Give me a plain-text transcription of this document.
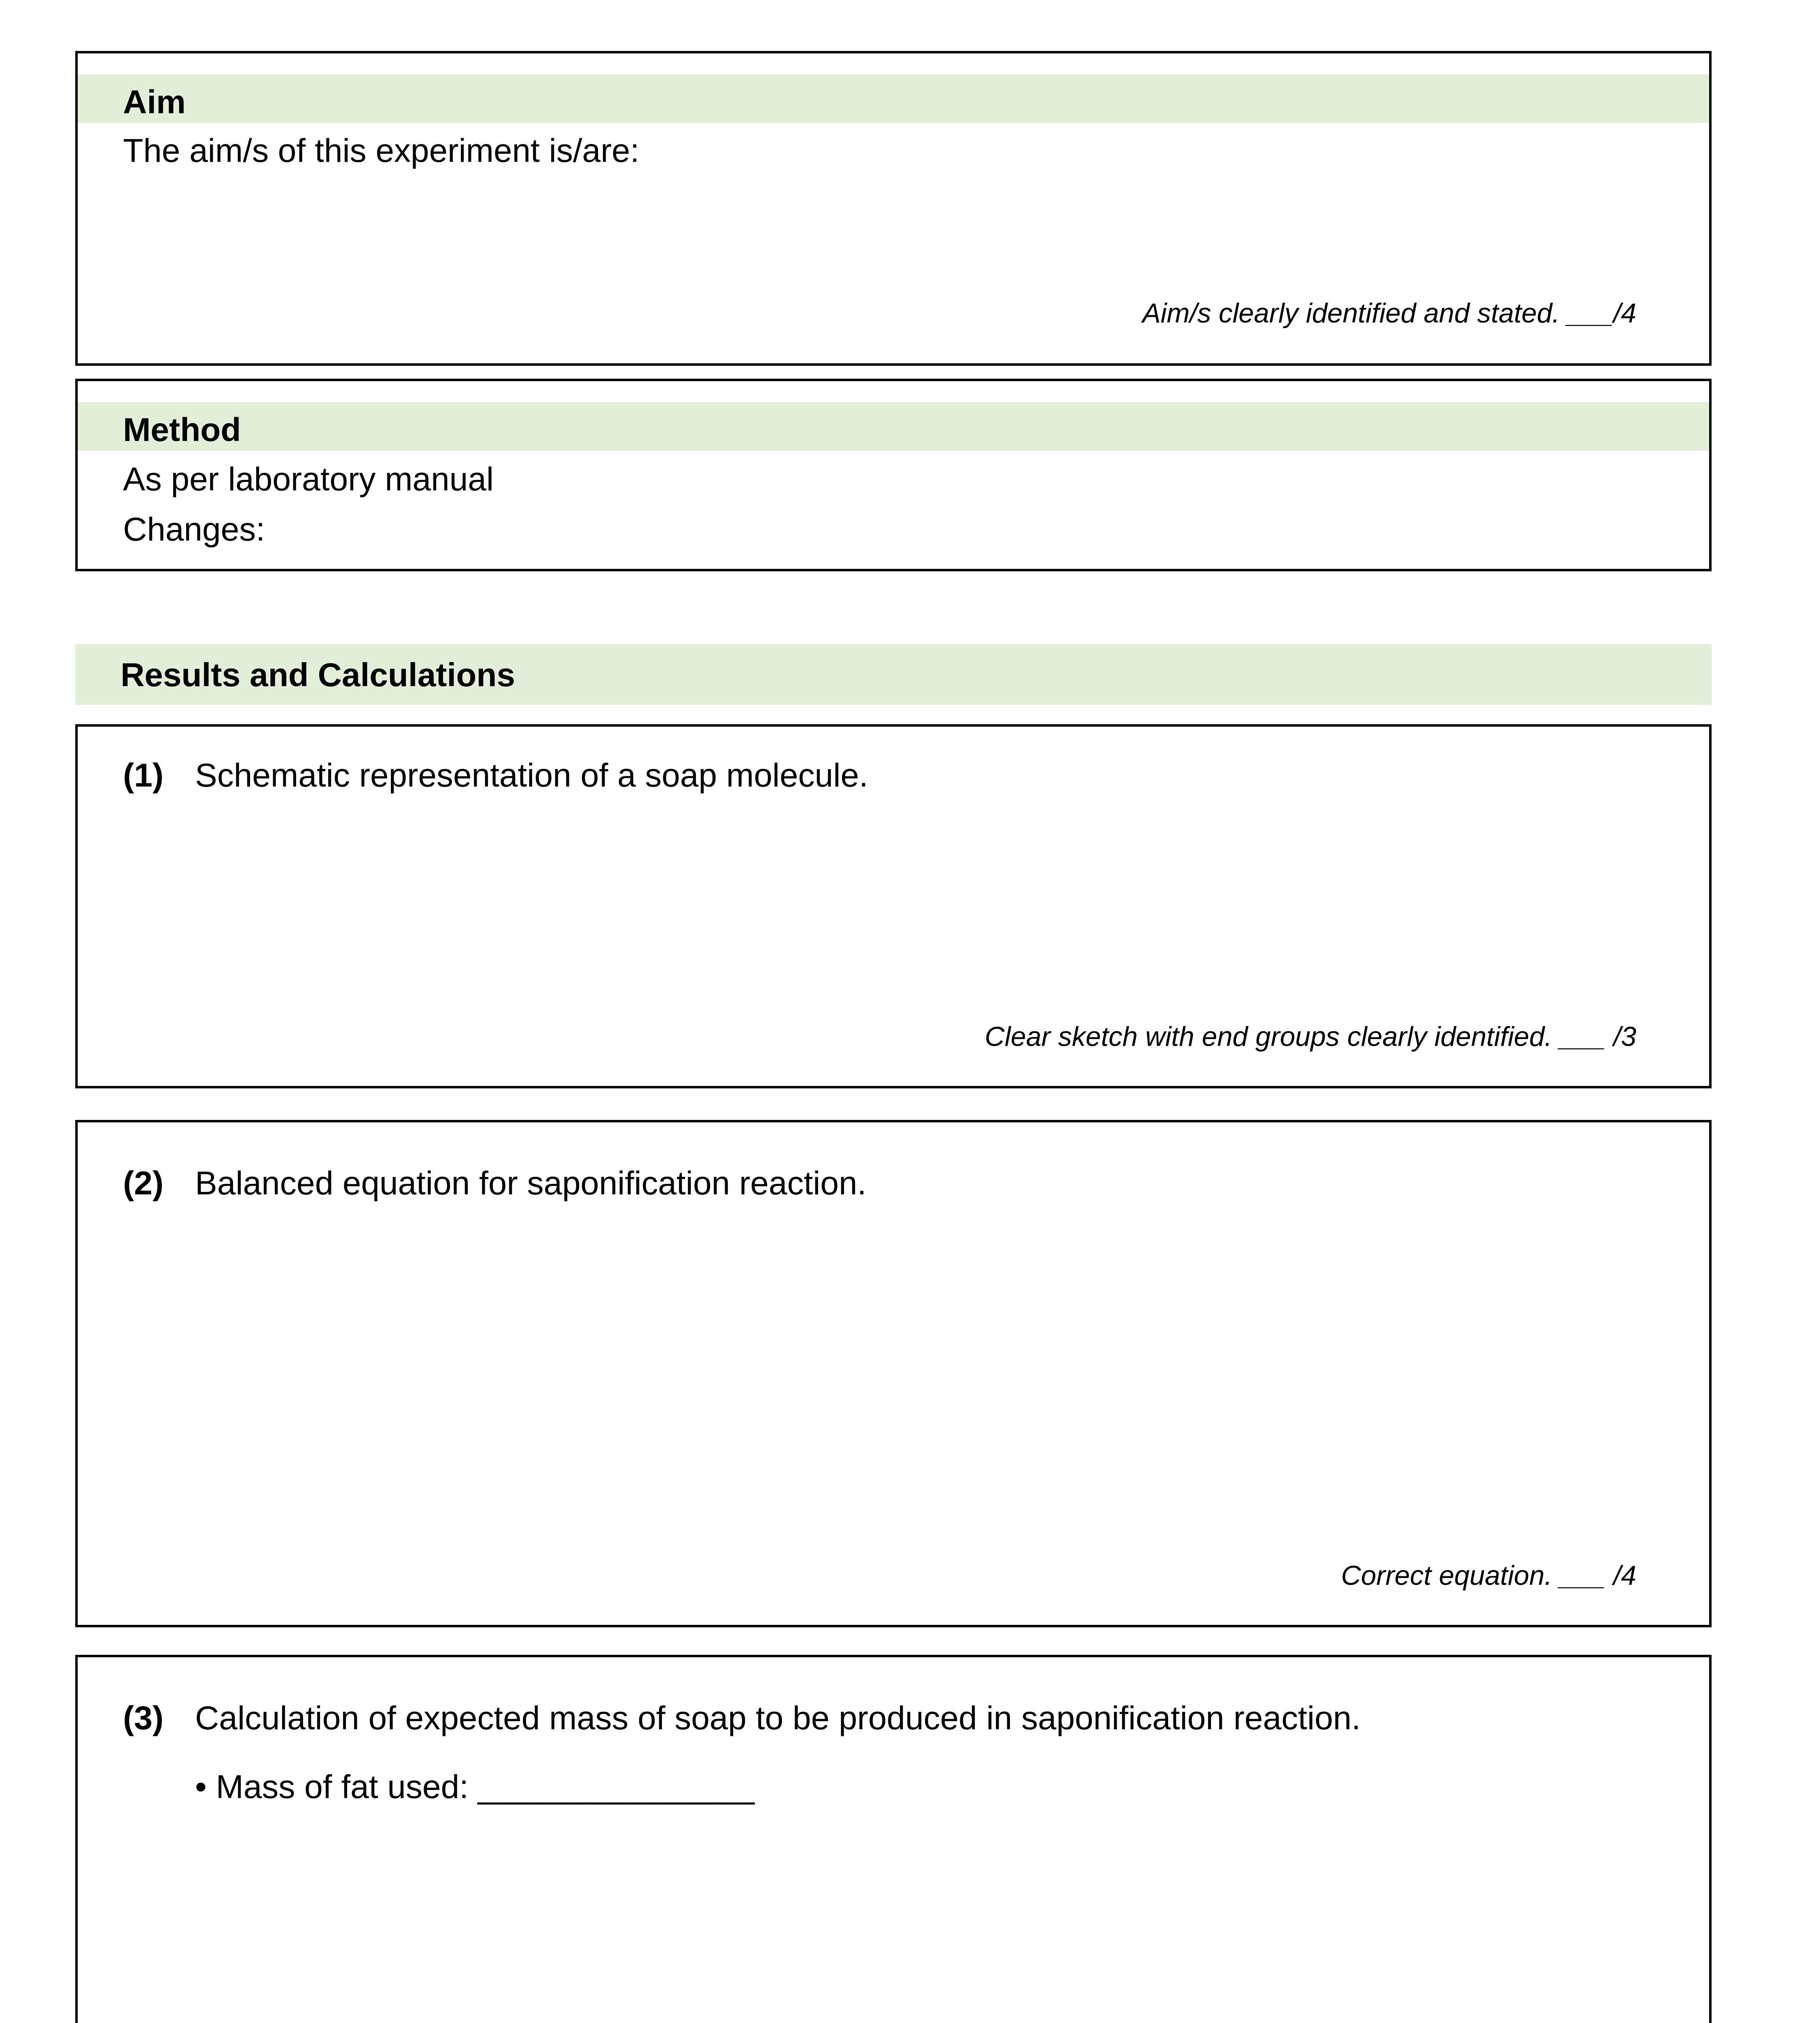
Aim
The aim/s of this experiment is/are:
Aim/s clearly identified and stated. ___/4
Method
As per laboratory manual
Changes:
Results and Calculations
(1) Schematic representation of a soap molecule.
Clear sketch with end groups clearly identified. ___ /3
(2) Balanced equation for saponification reaction.
Correct equation. ___ /4
(3) Calculation of expected mass of soap to be produced in saponification reaction.
• Mass of fat used: _______________
